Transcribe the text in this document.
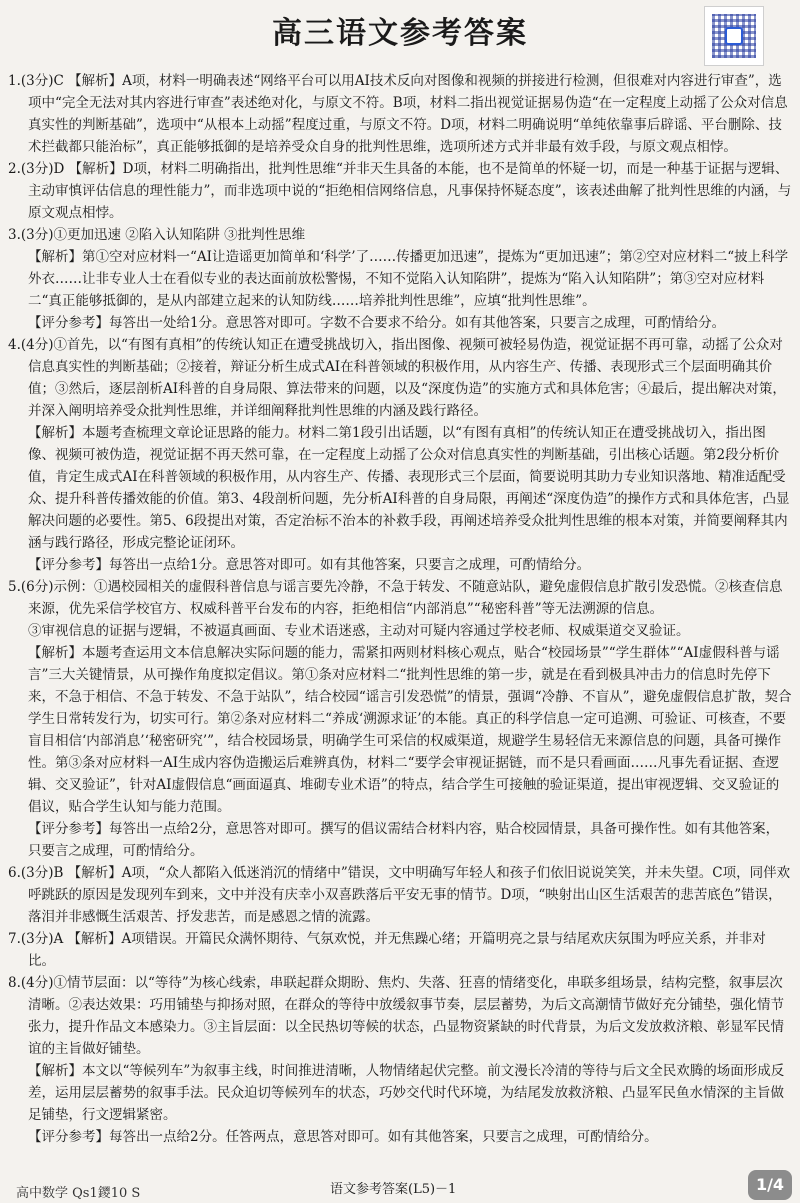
高三语文参考答案

1.(3分)C 【解析】A项，材料一明确表述“网络平台可以用AI技术反向对图像和视频的拼接进行检测，但很难对内容进行审查”，选项中“完全无法对其内容进行审查”表述绝对化，与原文不符。B项，材料二指出视觉证据易伪造“在一定程度上动摇了公众对信息真实性的判断基础”，选项中“从根本上动摇”程度过重，与原文不符。D项，材料二明确说明“单纯依靠事后辟谣、平台删除、技术拦截都只能治标”，真正能够抵御的是培养受众自身的批判性思维，选项所述方式并非最有效手段，与原文观点相悖。

2.(3分)D 【解析】D项，材料二明确指出，批判性思维“并非天生具备的本能，也不是简单的怀疑一切，而是一种基于证据与逻辑、主动审慎评估信息的理性能力”，而非选项中说的“拒绝相信网络信息，凡事保持怀疑态度”，该表述曲解了批判性思维的内涵，与原文观点相悖。

3.(3分)①更加迅速 ②陷入认知陷阱 ③批判性思维

【解析】第①空对应材料一“AI让造谣更加简单和‘科学’了……传播更加迅速”，提炼为“更加迅速”；第②空对应材料二“披上科学外衣……让非专业人士在看似专业的表达面前放松警惕，不知不觉陷入认知陷阱”，提炼为“陷入认知陷阱”；第③空对应材料二“真正能够抵御的，是从内部建立起来的认知防线……培养批判性思维”，应填“批判性思维”。

【评分参考】每答出一处给1分。意思答对即可。字数不合要求不给分。如有其他答案，只要言之成理，可酌情给分。

4.(4分)①首先，以“有图有真相”的传统认知正在遭受挑战切入，指出图像、视频可被轻易伪造，视觉证据不再可靠，动摇了公众对信息真实性的判断基础；②接着，辩证分析生成式AI在科普领域的积极作用，从内容生产、传播、表现形式三个层面明确其价值；③然后，逐层剖析AI科普的自身局限、算法带来的问题，以及“深度伪造”的实施方式和具体危害；④最后，提出解决对策，并深入阐明培养受众批判性思维，并详细阐释批判性思维的内涵及践行路径。

【解析】本题考查梳理文章论证思路的能力。材料二第1段引出话题，以“有图有真相”的传统认知正在遭受挑战切入，指出图像、视频可被伪造，视觉证据不再天然可靠，在一定程度上动摇了公众对信息真实性的判断基础，引出核心话题。第2段分析价值，肯定生成式AI在科普领域的积极作用，从内容生产、传播、表现形式三个层面，简要说明其助力专业知识落地、精准适配受众、提升科普传播效能的价值。第3、4段剖析问题，先分析AI科普的自身局限，再阐述“深度伪造”的操作方式和具体危害，凸显解决问题的必要性。第5、6段提出对策，否定治标不治本的补救手段，再阐述培养受众批判性思维的根本对策，并简要阐释其内涵与践行路径，形成完整论证闭环。

【评分参考】每答出一点给1分。意思答对即可。如有其他答案，只要言之成理，可酌情给分。

5.(6分)示例：①遇校园相关的虚假科普信息与谣言要先冷静，不急于转发、不随意站队，避免虚假信息扩散引发恐慌。②核查信息来源，优先采信学校官方、权威科普平台发布的内容，拒绝相信“内部消息”“秘密科普”等无法溯源的信息。

③审视信息的证据与逻辑，不被逼真画面、专业术语迷惑，主动对可疑内容通过学校老师、权威渠道交叉验证。

【解析】本题考查运用文本信息解决实际问题的能力，需紧扣两则材料核心观点，贴合“校园场景”“学生群体”“AI虚假科普与谣言”三大关键情景，从可操作角度拟定倡议。第①条对应材料二“批判性思维的第一步，就是在看到极具冲击力的信息时先停下来，不急于相信、不急于转发、不急于站队”，结合校园“谣言引发恐慌”的情景，强调“冷静、不盲从”，避免虚假信息扩散，契合学生日常转发行为，切实可行。第②条对应材料二“养成‘溯源求证’的本能。真正的科学信息一定可追溯、可验证、可核查，不要盲目相信‘内部消息’‘秘密研究’”，结合校园场景，明确学生可采信的权威渠道，规避学生易轻信无来源信息的问题，具备可操作性。第③条对应材料一AI生成内容伪造搬运后难辨真伪，材料二“要学会审视证据链，而不是只看画面……凡事先看证据、查逻辑、交叉验证”，针对AI虚假信息“画面逼真、堆砌专业术语”的特点，结合学生可接触的验证渠道，提出审视逻辑、交叉验证的倡议，贴合学生认知与能力范围。

【评分参考】每答出一点给2分，意思答对即可。撰写的倡议需结合材料内容，贴合校园情景，具备可操作性。如有其他答案，只要言之成理，可酌情给分。

6.(3分)B 【解析】A项，“众人都陷入低迷消沉的情绪中”错误，文中明确写年轻人和孩子们依旧说说笑笑，并未失望。C项，同伴欢呼跳跃的原因是发现列车到来，文中并没有庆幸小双喜跌落后平安无事的情节。D项，“映射出山区生活艰苦的悲苦底色”错误，落泪并非感慨生活艰苦、抒发悲苦，而是感恩之情的流露。

7.(3分)A 【解析】A项错误。开篇民众满怀期待、气氛欢悦，并无焦躁心绪；开篇明亮之景与结尾欢庆氛围为呼应关系，并非对比。

8.(4分)①情节层面：以“等待”为核心线索，串联起群众期盼、焦灼、失落、狂喜的情绪变化，串联多组场景，结构完整，叙事层次清晰。②表达效果：巧用铺垫与抑扬对照，在群众的等待中放缓叙事节奏，层层蓄势，为后文高潮情节做好充分铺垫，强化情节张力，提升作品文本感染力。③主旨层面：以全民热切等候的状态，凸显物资紧缺的时代背景，为后文发放救济粮、彰显军民情谊的主旨做好铺垫。

【解析】本文以“等候列车”为叙事主线，时间推进清晰，人物情绪起伏完整。前文漫长冷清的等待与后文全民欢腾的场面形成反差，运用层层蓄势的叙事手法。民众迫切等候列车的状态，巧妙交代时代环境，为结尾发放救济粮、凸显军民鱼水情深的主旨做足铺垫，行文逻辑紧密。

【评分参考】每答出一点给2分。任答两点，意思答对即可。如有其他答案，只要言之成理，可酌情给分。

高中数学 Qs1鑁10 S	语文参考答案(L5)－1	1/4
